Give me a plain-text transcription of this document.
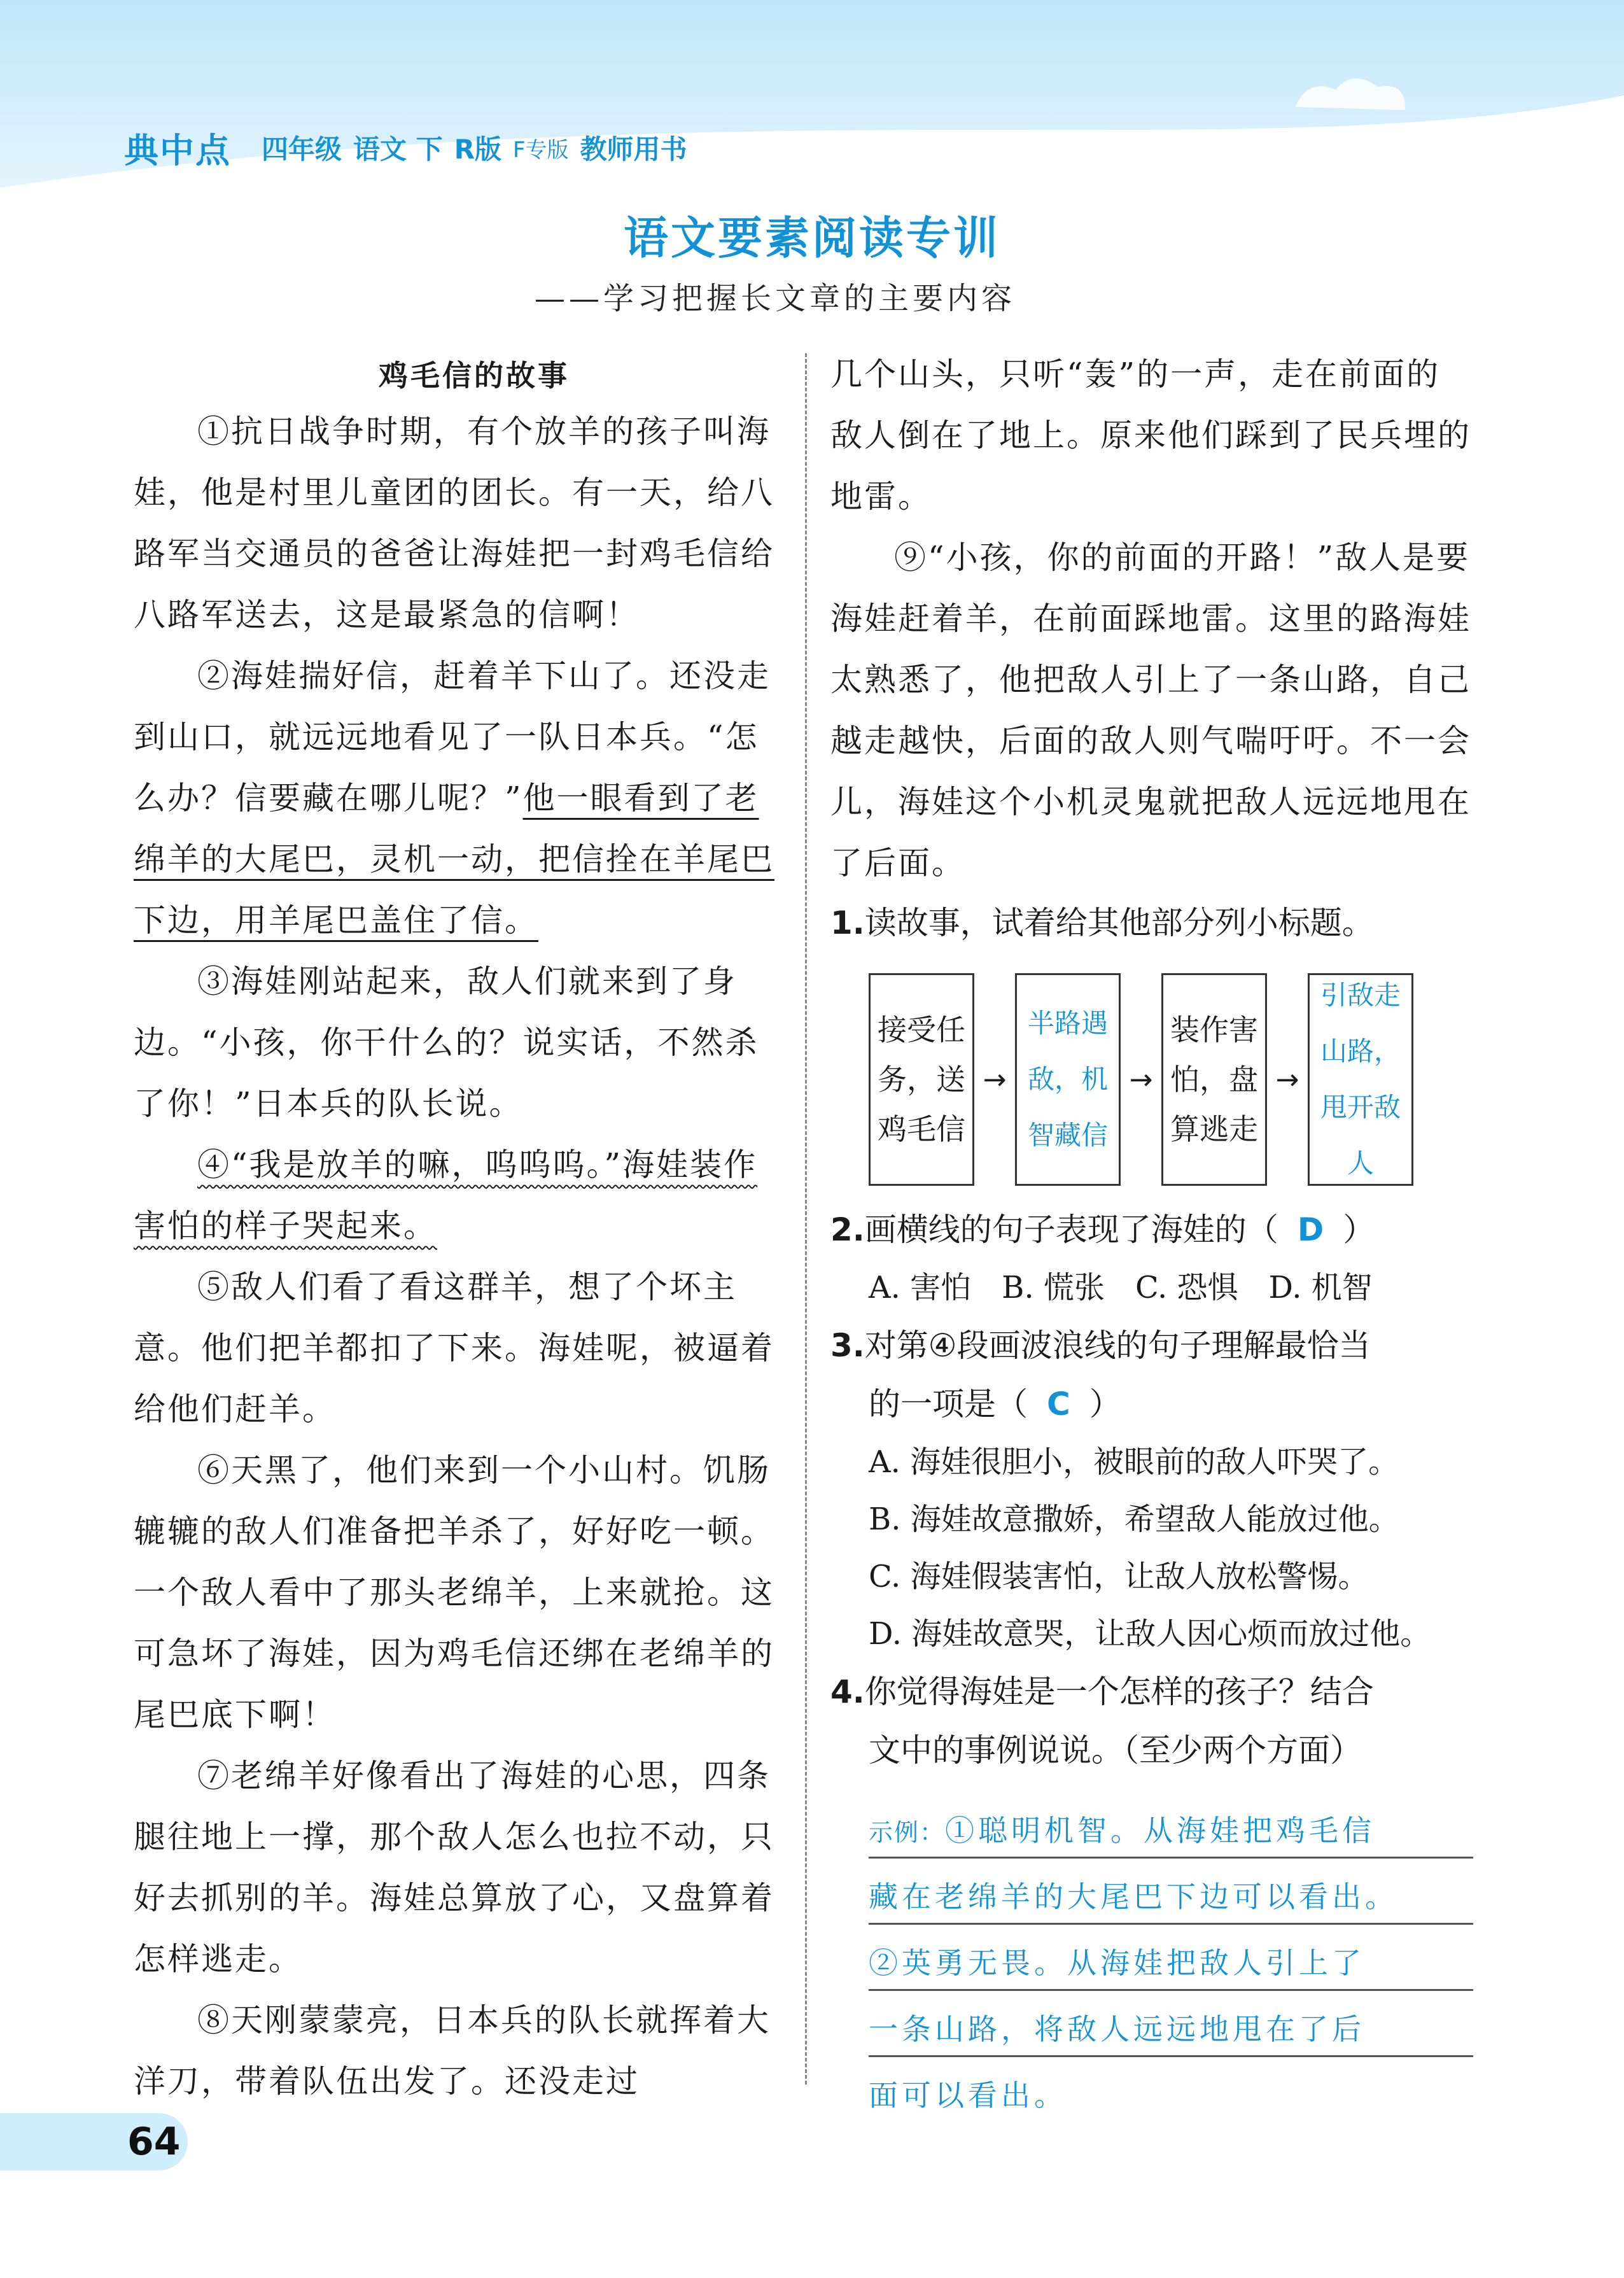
典中点 四年级 语文 下 R版 F专版 教师用书
语文要素阅读专训
——学习把握长文章的主要内容
鸡毛信的故事

①抗日战争时期，有个放羊的孩子叫海娃，他是村里儿童团的团长。有一天，给八路军当交通员的爸爸让海娃把一封鸡毛信给八路军送去，这是最紧急的信啊！

②海娃揣好信，赶着羊下山了。还没走到山口，就远远地看见了一队日本兵。“怎么办？信要藏在哪儿呢？”他一眼看到了老绵羊的大尾巴，灵机一动，把信拴在羊尾巴下边，用羊尾巴盖住了信。

③海娃刚站起来，敌人们就来到了身边。“小孩，你干什么的？说实话，不然杀了你！”日本兵的队长说。

④“我是放羊的嘛，呜呜呜。”海娃装作害怕的样子哭起来。

⑤敌人们看了看这群羊，想了个坏主意。他们把羊都扣了下来。海娃呢，被逼着给他们赶羊。

⑥天黑了，他们来到一个小山村。饥肠辘辘的敌人们准备把羊杀了，好好吃一顿。一个敌人看中了那头老绵羊，上来就抢。这可急坏了海娃，因为鸡毛信还绑在老绵羊的尾巴底下啊！

⑦老绵羊好像看出了海娃的心思，四条腿往地上一撑，那个敌人怎么也拉不动，只好去抓别的羊。海娃总算放了心，又盘算着怎样逃走。

⑧天刚蒙蒙亮，日本兵的队长就挥着大洋刀，带着队伍出发了。还没走过

几个山头，只听“轰”的一声，走在前面的敌人倒在了地上。原来他们踩到了民兵埋的地雷。

⑨“小孩，你的前面的开路！”敌人是要海娃赶着羊，在前面踩地雷。这里的路海娃太熟悉了，他把敌人引上了一条山路，自己越走越快，后面的敌人则气喘吁吁。不一会儿，海娃这个小机灵鬼就把敌人远远地甩在了后面。

1.读故事，试着给其他部分列小标题。

接受任务，送鸡毛信
→
半路遇敌，机智藏信
→
装作害怕，盘算逃走
→
引敌走山路，甩开敌人

2.画横线的句子表现了海娃的（ D ）

A. 害怕　B. 慌张　C. 恐惧　D. 机智

3.对第④段画波浪线的句子理解最恰当

的一项是（ C ）

A. 海娃很胆小，被眼前的敌人吓哭了。

B. 海娃故意撒娇，希望敌人能放过他。

C. 海娃假装害怕，让敌人放松警惕。

D. 海娃故意哭，让敌人因心烦而放过他。

4.你觉得海娃是一个怎样的孩子？结合

文中的事例说说。（至少两个方面）

示例：①聪明机智。从海娃把鸡毛信
藏在老绵羊的大尾巴下边可以看出。
②英勇无畏。从海娃把敌人引上了
一条山路，将敌人远远地甩在了后
面可以看出。
64
